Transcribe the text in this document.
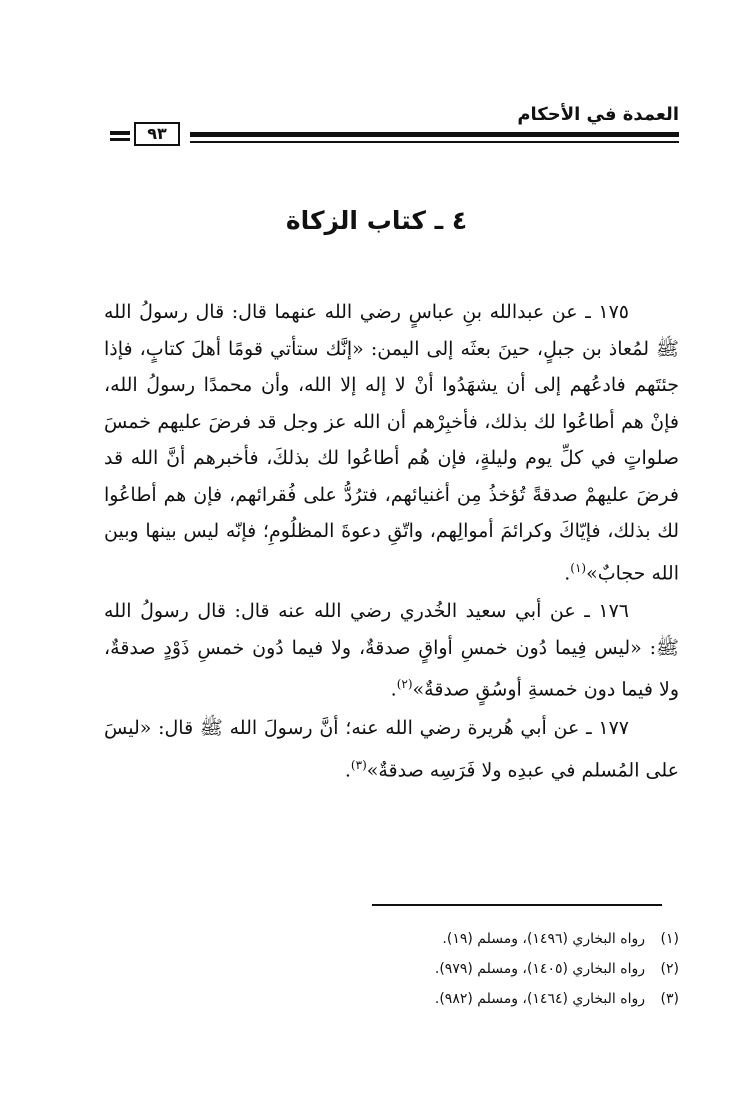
العمدة في الأحكام
٩٣
٤ ـ كتاب الزكاة

١٧٥ ـ عن عبدالله بنِ عباسٍ رضي الله عنهما قال: قال رسولُ الله ﷺ لمُعاذ بن جبلٍ، حينَ بعثَه إلى اليمن: «إنَّك ستأتي قومًا أهلَ كتابٍ، فإذا جئتَهم فادعُهم إلى أن يشهَدُوا أنْ لا إله إلا الله، وأن محمدًا رسولُ الله، فإنْ هم أطاعُوا لك بذلك، فأخبِرْهم أن الله عز وجل قد فرضَ عليهم خمسَ صلواتٍ في كلِّ يوم وليلةٍ، فإن هُم أطاعُوا لك بذلكَ، فأخبرهم أنَّ الله قد فرضَ عليهمْ صدقةً تُؤخذُ مِن أغنيائهم، فترُدُّ على فُقرائهم، فإن هم أطاعُوا لك بذلك، فإيّاكَ وكرائمَ أموالِهم، واتّقِ دعوةَ المظلُومِ؛ فإنّه ليس بينها وبين الله حجابٌ»$^{(١)}$.

١٧٦ ـ عن أبي سعيد الخُدري رضي الله عنه قال: قال رسولُ الله ﷺ: «ليس فِيما دُون خمسِ أواقٍ صدقةٌ، ولا فيما دُون خمسِ ذَوْدٍ صدقةٌ، ولا فيما دون خمسةِ أوسُقٍ صدقةٌ»$^{(٢)}$.

١٧٧ ـ عن أبي هُريرة رضي الله عنه؛ أنَّ رسولَ الله ﷺ قال: «ليسَ على المُسلم في عبدِه ولا فَرَسِه صدقةٌ»$^{(٣)}$.

(١)رواه البخاري (١٤٩٦)، ومسلم (١٩).
(٢)رواه البخاري (١٤٠٥)، ومسلم (٩٧٩).
(٣)رواه البخاري (١٤٦٤)، ومسلم (٩٨٢).
